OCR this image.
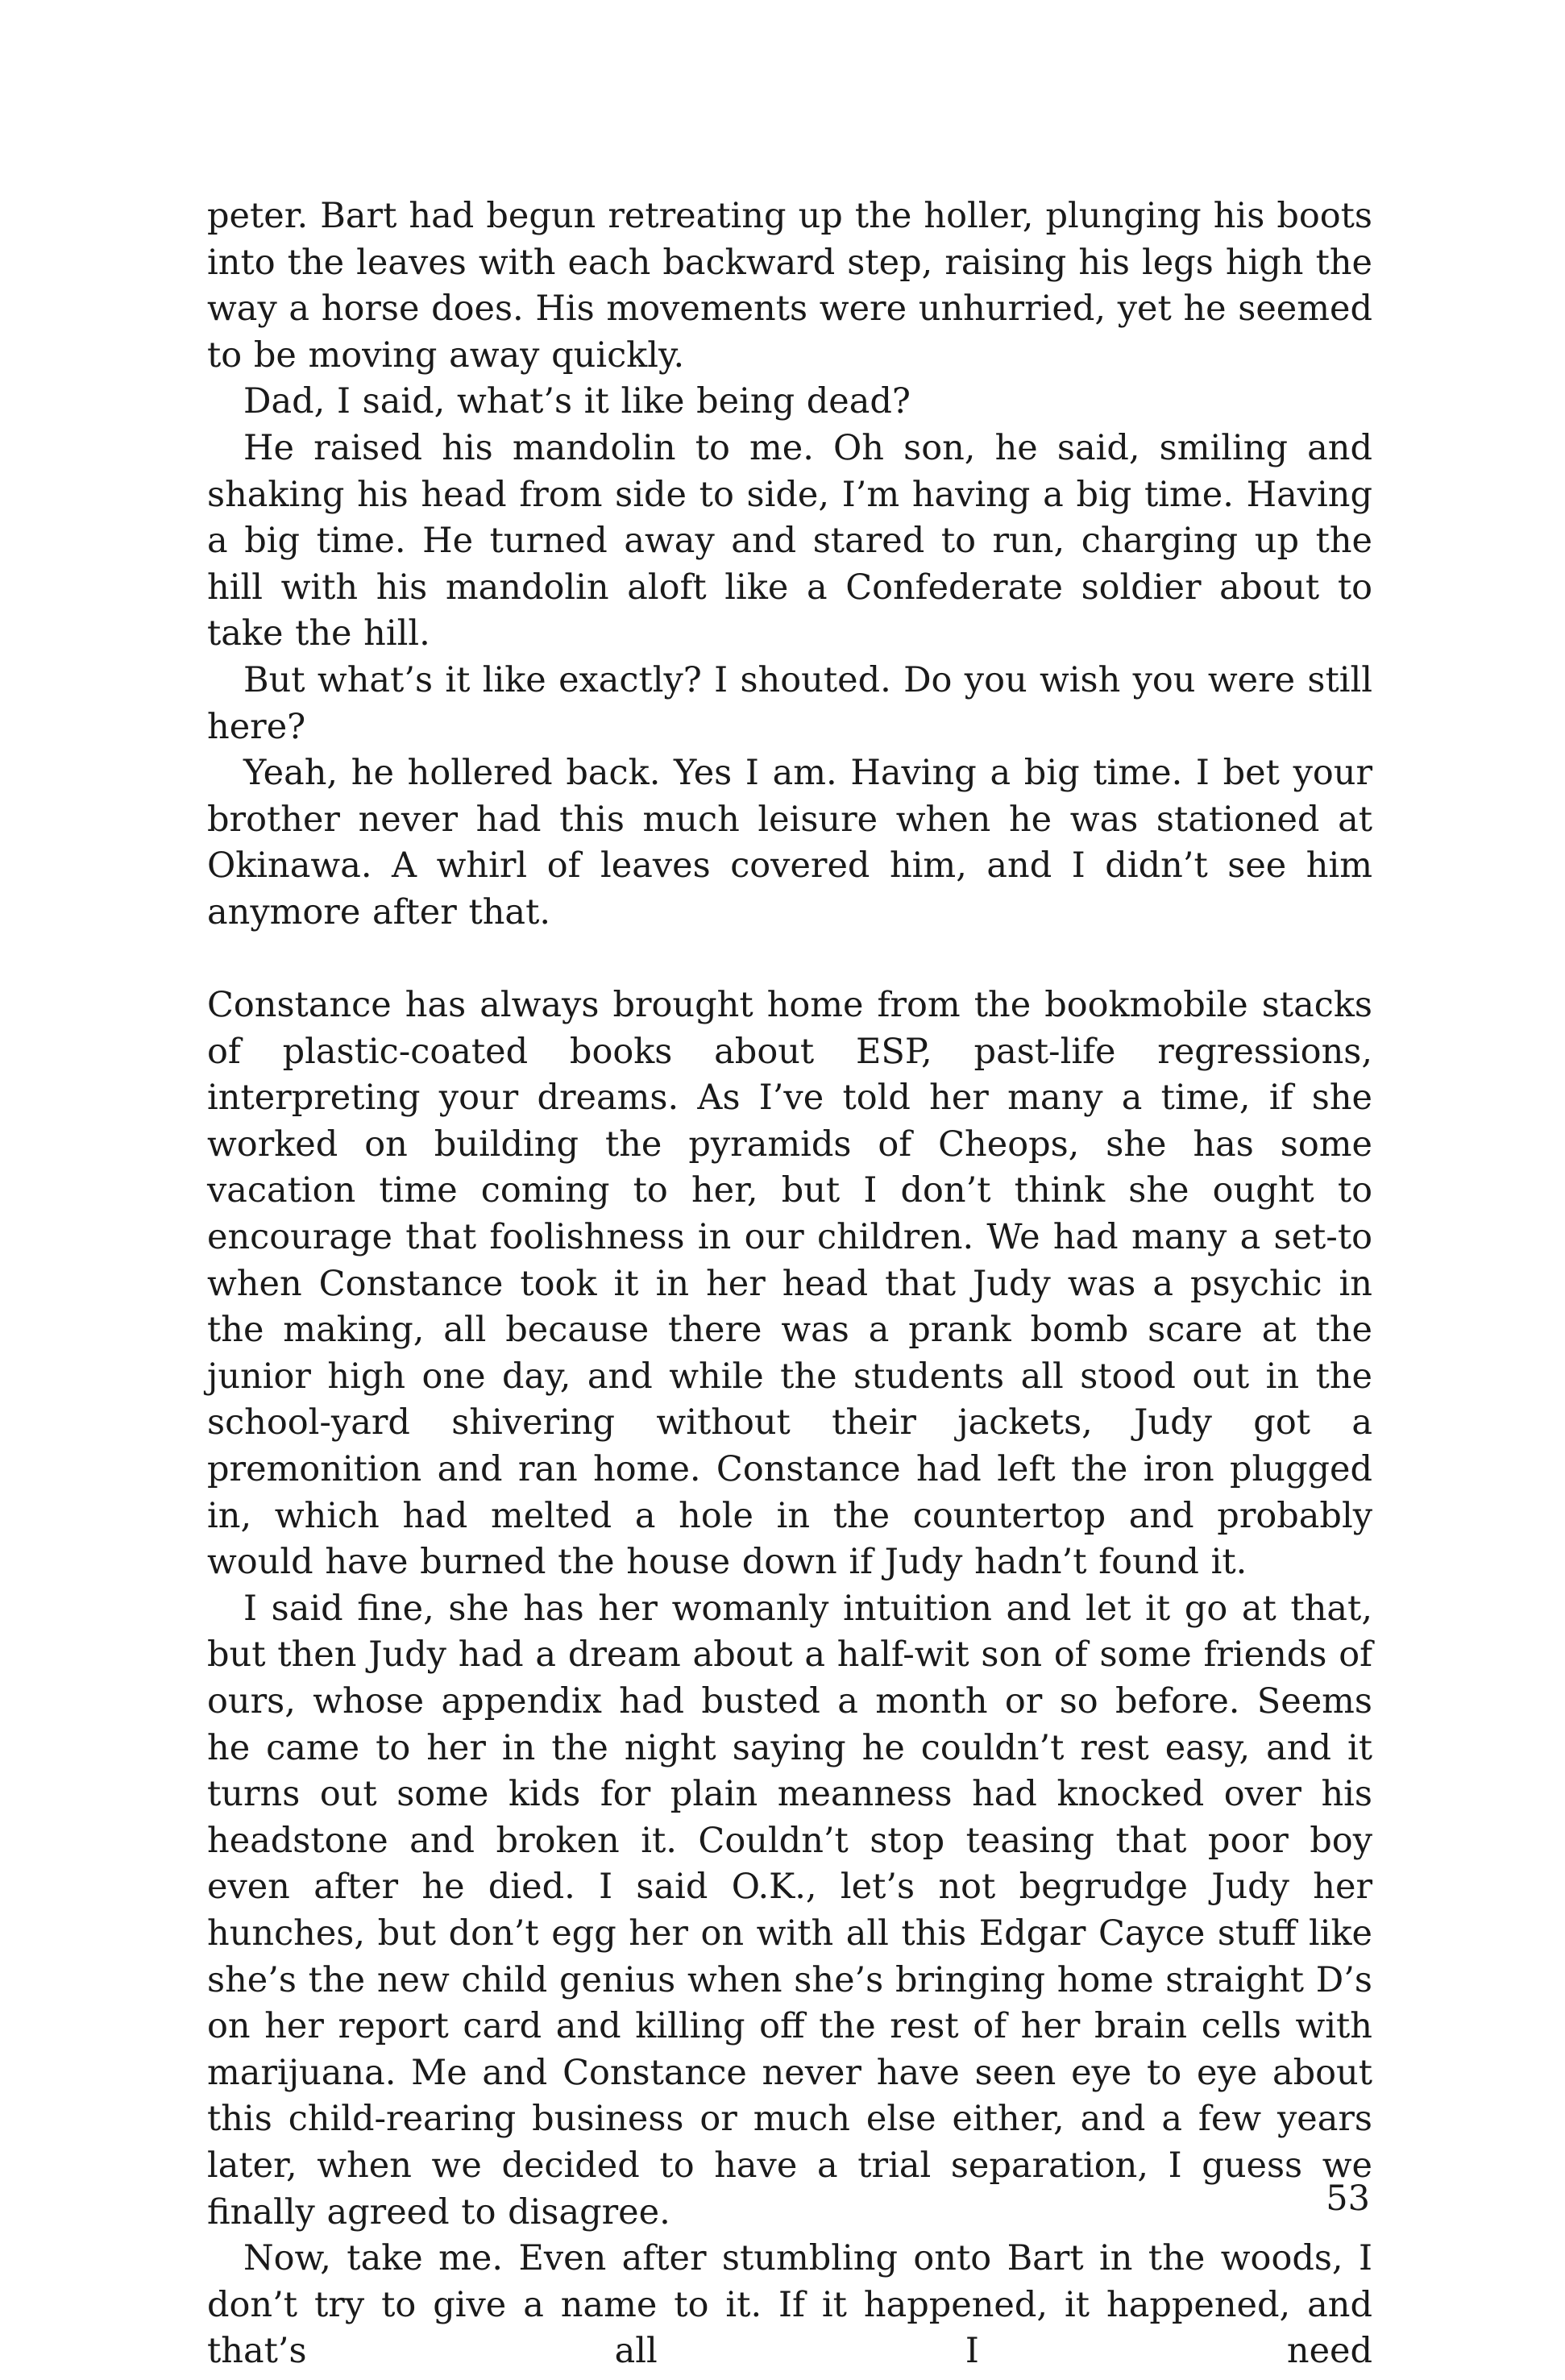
peter. Bart had begun retreating up the holler, plunging his boots into the leaves with each backward step, raising his legs high the way a horse does. His movements were unhurried, yet he seemed to be moving away quickly.

Dad, I said, what’s it like being dead?

He raised his mandolin to me. Oh son, he said, smiling and shaking his head from side to side, I’m having a big time. Having a big time. He turned away and stared to run, charging up the hill with his mandolin aloft like a Confederate soldier about to take the hill.

But what’s it like exactly? I shouted. Do you wish you were still here?

Yeah, he hollered back. Yes I am. Having a big time. I bet your brother never had this much leisure when he was stationed at Okinawa. A whirl of leaves covered him, and I didn’t see him anymore after that.

Constance has always brought home from the bookmobile stacks of plastic-coated books about ESP, past-life regressions, interpreting your dreams. As I’ve told her many a time, if she worked on building the pyramids of Cheops, she has some vacation time coming to her, but I don’t think she ought to encourage that foolishness in our children. We had many a set-to when Constance took it in her head that Judy was a psychic in the making, all because there was a prank bomb scare at the junior high one day, and while the students all stood out in the school-yard shivering without their jackets, Judy got a premonition and ran home. Constance had left the iron plugged in, which had melted a hole in the countertop and probably would have burned the house down if Judy hadn’t found it.

I said fine, she has her womanly intuition and let it go at that, but then Judy had a dream about a half-wit son of some friends of ours, whose appendix had busted a month or so before. Seems he came to her in the night saying he couldn’t rest easy, and it turns out some kids for plain meanness had knocked over his headstone and broken it. Couldn’t stop teasing that poor boy even after he died. I said O.K., let’s not begrudge Judy her hunches, but don’t egg her on with all this Edgar Cayce stuff like she’s the new child genius when she’s bringing home straight D’s on her report card and killing off the rest of her brain cells with marijuana. Me and Constance never have seen eye to eye about this child-rearing business or much else either, and a few years later, when we decided to have a trial separation, I guess we finally agreed to disagree.

Now, take me. Even after stumbling onto Bart in the woods, I don’t try to give a name to it. If it happened, it happened, and that’s all I need

53
